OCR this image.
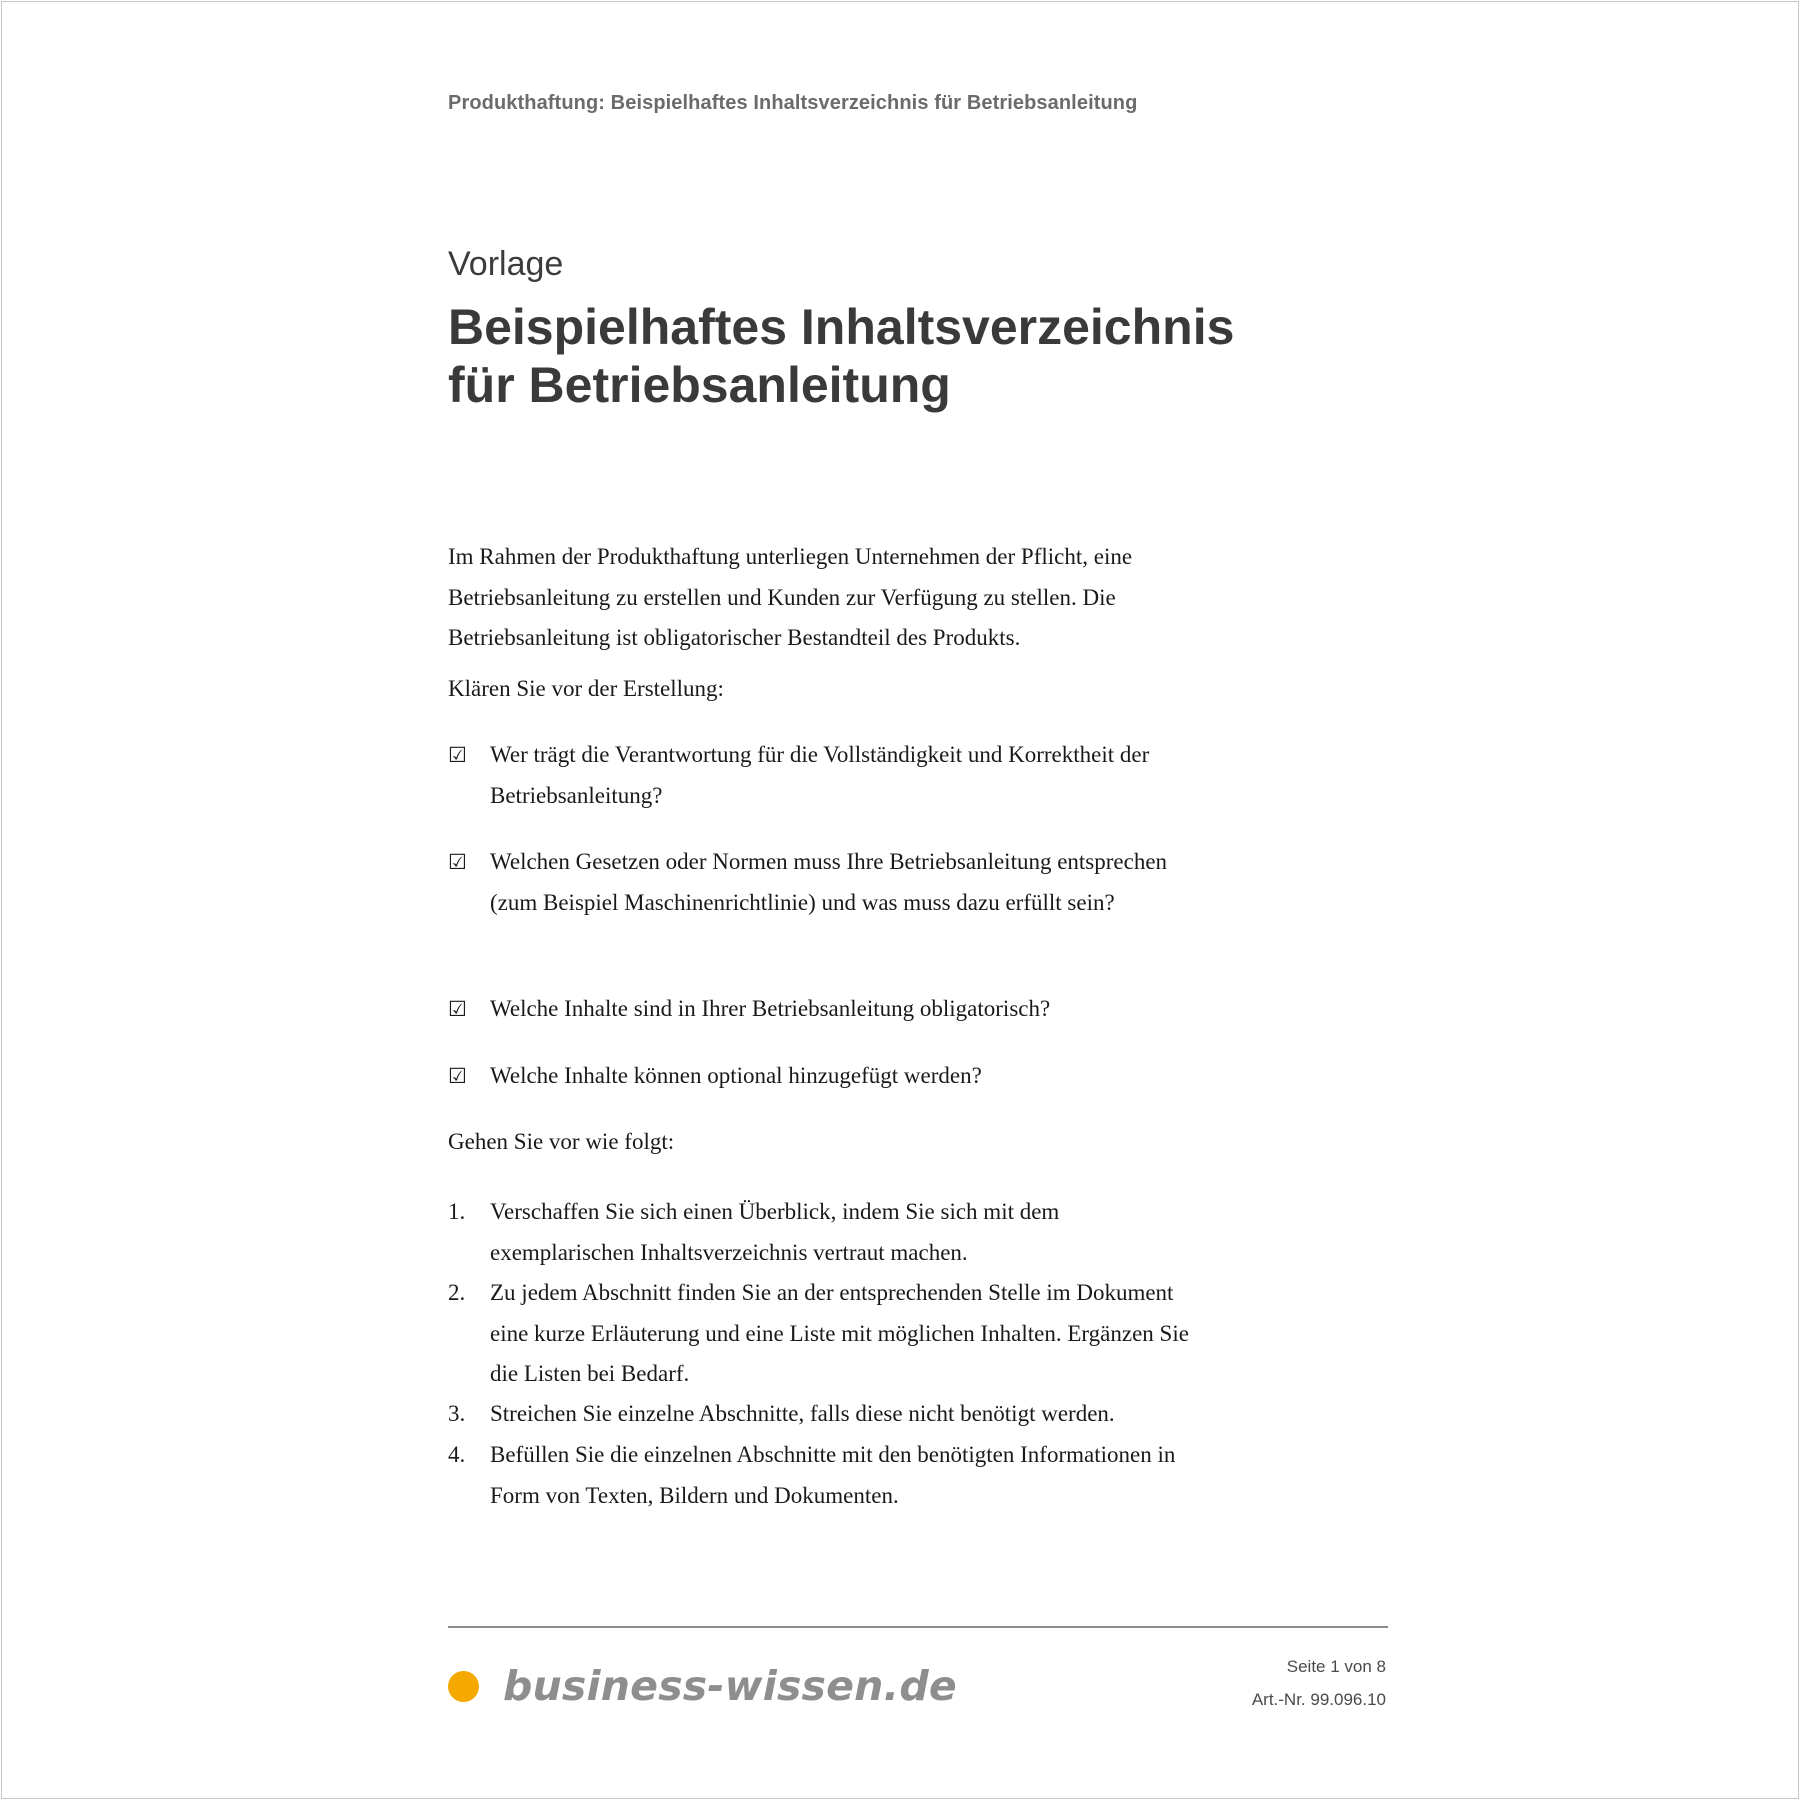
Produkthaftung: Beispielhaftes Inhaltsverzeichnis für Betriebsanleitung
Vorlage
Beispielhaftes Inhaltsverzeichnis für Betriebsanleitung

Im Rahmen der Produkthaftung unterliegen Unternehmen der Pflicht, eine Betriebsanleitung zu erstellen und Kunden zur Verfügung zu stellen. Die Betriebsanleitung ist obligatorischer Bestandteil des Produkts.

Klären Sie vor der Erstellung:

☑	Wer trägt die Verantwortung für die Vollständigkeit und Korrektheit der Betriebsanleitung?
☑	Welchen Gesetzen oder Normen muss Ihre Betriebsanleitung entsprechen (zum Beispiel Maschinenrichtlinie) und was muss dazu erfüllt sein?
☑	Welche Inhalte sind in Ihrer Betriebsanleitung obligatorisch?
☑	Welche Inhalte können optional hinzugefügt werden?

Gehen Sie vor wie folgt:

1.	Verschaffen Sie sich einen Überblick, indem Sie sich mit dem exemplarischen Inhaltsverzeichnis vertraut machen.
2.	Zu jedem Abschnitt finden Sie an der entsprechenden Stelle im Dokument eine kurze Erläuterung und eine Liste mit möglichen Inhalten. Ergänzen Sie die Listen bei Bedarf.
3.	Streichen Sie einzelne Abschnitte, falls diese nicht benötigt werden.
4.	Befüllen Sie die einzelnen Abschnitte mit den benötigten Informationen in Form von Texten, Bildern und Dokumenten.
business-wissen.de	Seite 1 von 8
Art.-Nr. 99.096.10
